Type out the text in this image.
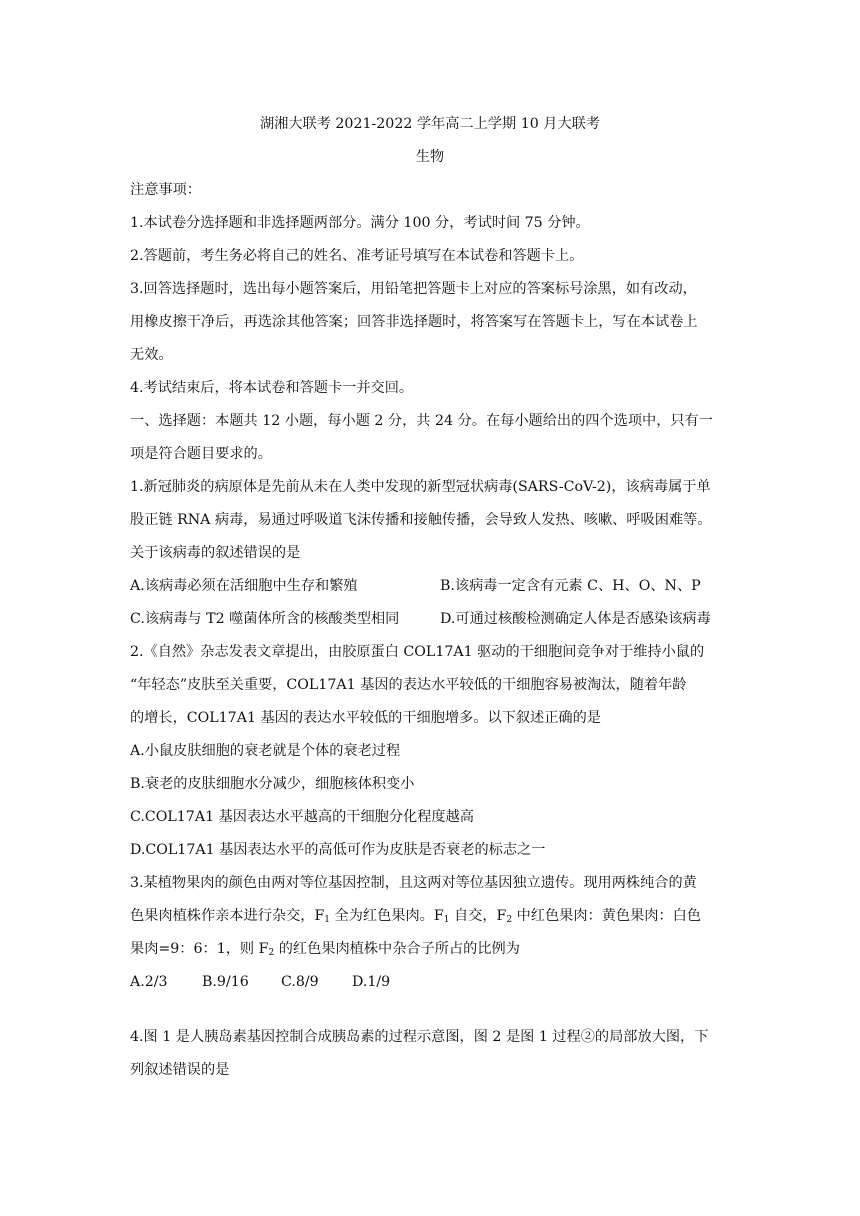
湖湘大联考 2021-2022 学年高二上学期 10 月大联考
生物
注意事项：
1.本试卷分选择题和非选择题两部分。满分 100 分，考试时间 75 分钟。
2.答题前，考生务必将自己的姓名、准考证号填写在本试卷和答题卡上。
3.回答选择题时，选出每小题答案后，用铅笔把答题卡上对应的答案标号涂黑，如有改动，
用橡皮擦干净后，再选涂其他答案；回答非选择题时，将答案写在答题卡上，写在本试卷上
无效。
4.考试结束后，将本试卷和答题卡一并交回。
一、选择题：本题共 12 小题，每小题 2 分，共 24 分。在每小题给出的四个选项中，只有一
项是符合题目要求的。
1.新冠肺炎的病原体是先前从未在人类中发现的新型冠状病毒(SARS-CoV-2)，该病毒属于单
股正链 RNA 病毒，易通过呼吸道飞沫传播和接触传播，会导致人发热、咳嗽、呼吸困难等。
关于该病毒的叙述错误的是
A.该病毒必须在活细胞中生存和繁殖	B.该病毒一定含有元素 C、H、O、N、P
C.该病毒与 T2 噬菌体所含的核酸类型相同	D.可通过核酸检测确定人体是否感染该病毒
2.《自然》杂志发表文章提出，由胶原蛋白 COL17A1 驱动的干细胞间竞争对于维持小鼠的
“年轻态”皮肤至关重要，COL17A1 基因的表达水平较低的干细胞容易被淘汰，随着年龄
的增长，COL17A1 基因的表达水平较低的干细胞增多。以下叙述正确的是
A.小鼠皮肤细胞的衰老就是个体的衰老过程
B.衰老的皮肤细胞水分减少，细胞核体积变小
C.COL17A1 基因表达水平越高的干细胞分化程度越高
D.COL17A1 基因表达水平的高低可作为皮肤是否衰老的标志之一
3.某植物果肉的颜色由两对等位基因控制，且这两对等位基因独立遗传。现用两株纯合的黄
色果肉植株作亲本进行杂交，$F_1$ 全为红色果肉。$F_1$ 自交，$F_2$ 中红色果肉：黄色果肉：白色
果肉=9：6：1，则 $F_2$ 的红色果肉植株中杂合子所占的比例为
A.2/3 B.9/16 C.8/9 D.1/9
4.图 1 是人胰岛素基因控制合成胰岛素的过程示意图，图 2 是图 1 过程②的局部放大图，下
列叙述错误的是
